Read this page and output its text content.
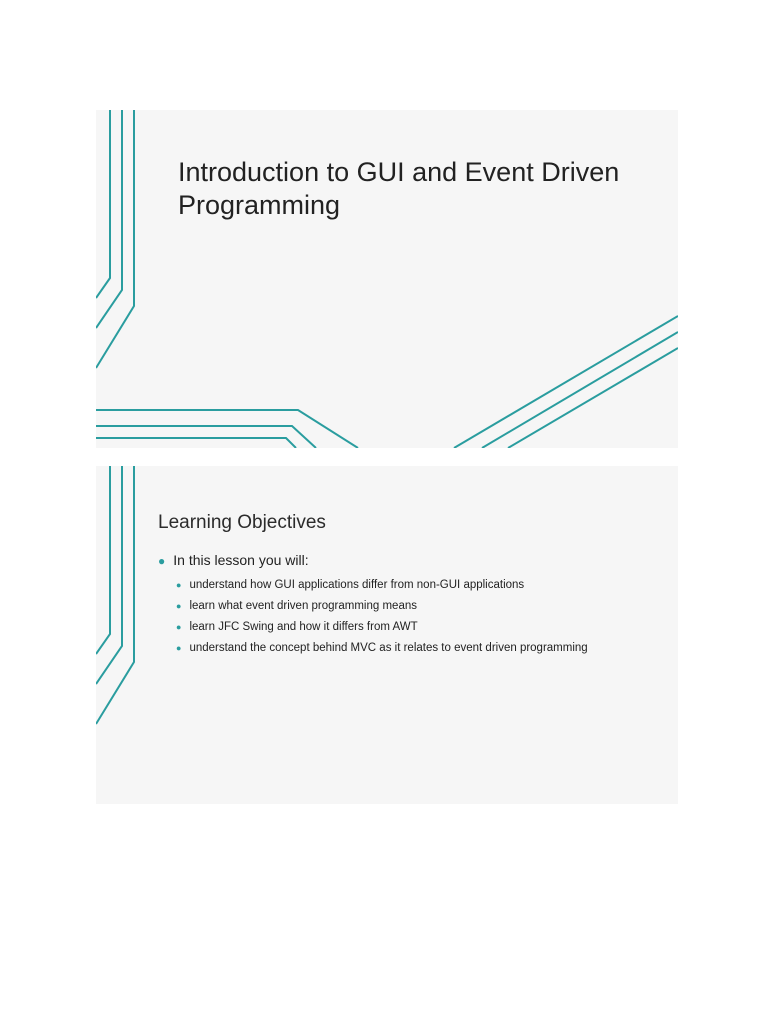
Introduction to GUI and Event Driven Programming
Learning Objectives
● In this lesson you will:
● understand how GUI applications differ from non-GUI applications
● learn what event driven programming means
● learn JFC Swing and how it differs from AWT
● understand the concept behind MVC as it relates to event driven programming
